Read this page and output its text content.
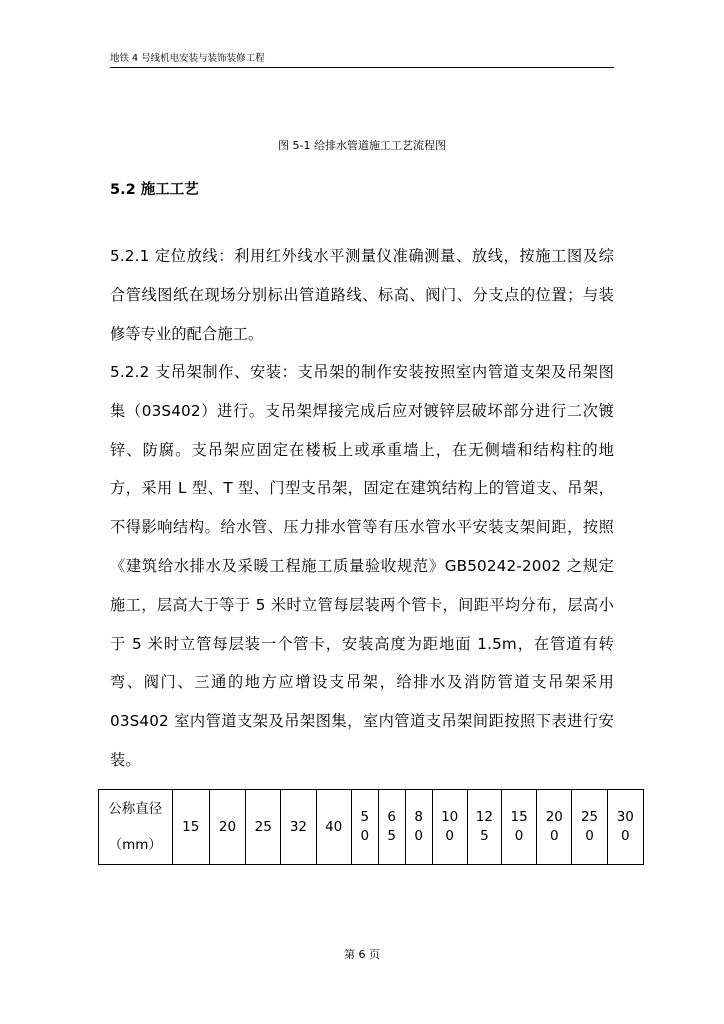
地铁 4 号线机电安装与装饰装修工程
图 5-1 给排水管道施工工艺流程图
5.2 施工工艺

5.2.1 定位放线：利用红外线水平测量仪准确测量、放线，按施工图及综合管线图纸在现场分别标出管道路线、标高、阀门、分支点的位置；与装修等专业的配合施工。

5.2.2 支吊架制作、安装：支吊架的制作安装按照室内管道支架及吊架图集（03S402）进行。支吊架焊接完成后应对镀锌层破坏部分进行二次镀锌、防腐。支吊架应固定在楼板上或承重墙上，在无侧墙和结构柱的地方，采用 L 型、T 型、门型支吊架，固定在建筑结构上的管道支、吊架，不得影响结构。给水管、压力排水管等有压水管水平安装支架间距，按照《建筑给水排水及采暖工程施工质量验收规范》GB50242-2002 之规定施工，层高大于等于 5 米时立管每层装两个管卡，间距平均分布，层高小于 5 米时立管每层装一个管卡，安装高度为距地面 1.5m，在管道有转弯、阀门、三通的地方应增设支吊架，给排水及消防管道支吊架采用 03S402 室内管道支架及吊架图集，室内管道支吊架间距按照下表进行安装。

公称直径
（mm）
	15	20	25	32	40	50	65	80	100	125	150	200	250	300
第 6 页
